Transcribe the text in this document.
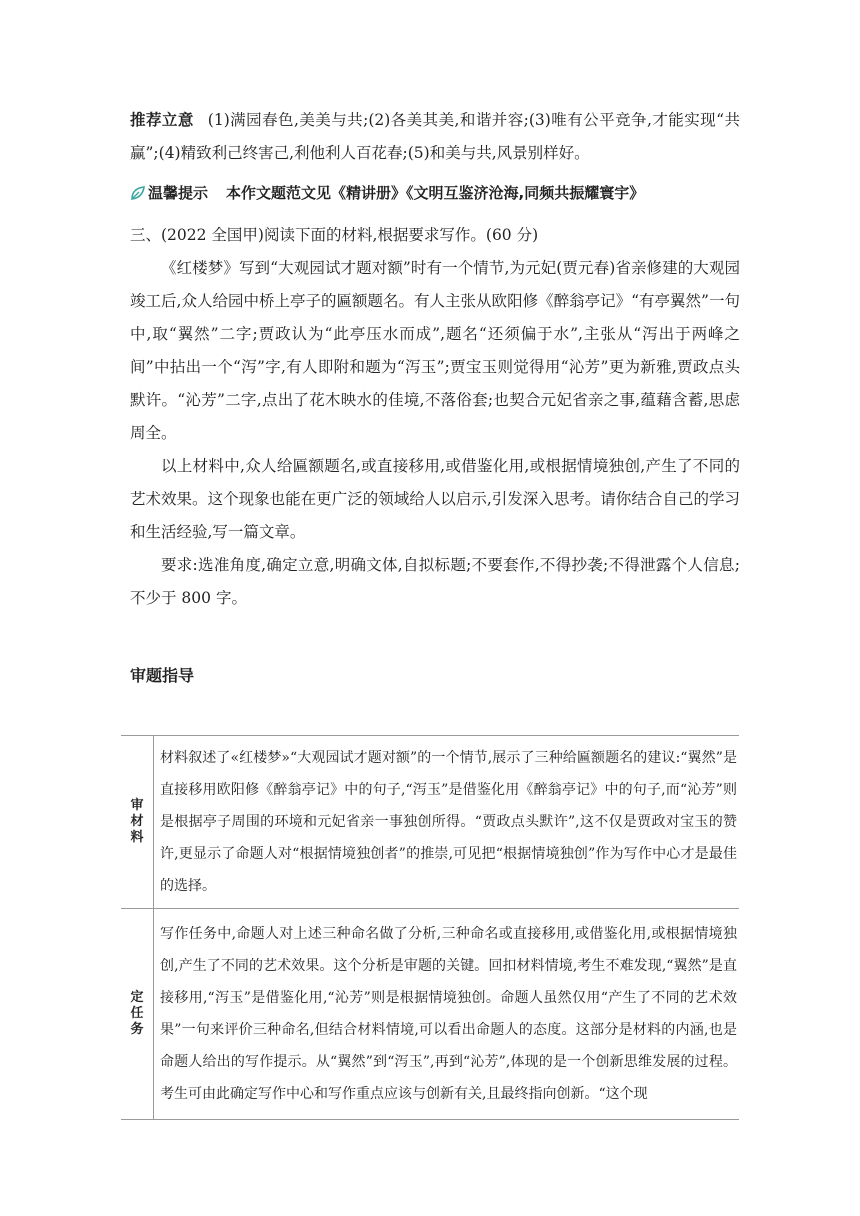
推荐立意 (1)满园春色,美美与共;(2)各美其美,和谐并容;(3)唯有公平竞争,才能实现“共赢”;(4)精致利己终害己,利他利人百花春;(5)和美与共,风景别样好。

温馨提示 本作文题范文见《精讲册》《文明互鉴济沧海,同频共振耀寰宇》

三、(2022 全国甲)阅读下面的材料,根据要求写作。(60 分)

《红楼梦》写到“大观园试才题对额”时有一个情节,为元妃(贾元春)省亲修建的大观园竣工后,众人给园中桥上亭子的匾额题名。有人主张从欧阳修《醉翁亭记》“有亭翼然”一句中,取“翼然”二字;贾政认为“此亭压水而成”,题名“还须偏于水”,主张从“泻出于两峰之间”中拈出一个“泻”字,有人即附和题为“泻玉”;贾宝玉则觉得用“沁芳”更为新雅,贾政点头默许。“沁芳”二字,点出了花木映水的佳境,不落俗套;也契合元妃省亲之事,蕴藉含蓄,思虑周全。

以上材料中,众人给匾额题名,或直接移用,或借鉴化用,或根据情境独创,产生了不同的艺术效果。这个现象也能在更广泛的领域给人以启示,引发深入思考。请你结合自己的学习和生活经验,写一篇文章。

要求:选准角度,确定立意,明确文体,自拟标题;不要套作,不得抄袭;不得泄露个人信息;不少于 800 字。

审题指导
审材料	材料叙述了«红楼梦»“大观园试才题对额”的一个情节,展示了三种给匾额题名的建议:“翼然”是直接移用欧阳修《醉翁亭记》中的句子,“泻玉”是借鉴化用《醉翁亭记》中的句子,而“沁芳”则是根据亭子周围的环境和元妃省亲一事独创所得。“贾政点头默许”,这不仅是贾政对宝玉的赞许,更显示了命题人对“根据情境独创者”的推崇,可见把“根据情境独创”作为写作中心才是最佳的选择。

定任务	写作任务中,命题人对上述三种命名做了分析,三种命名或直接移用,或借鉴化用,或根据情境独创,产生了不同的艺术效果。这个分析是审题的关键。回扣材料情境,考生不难发现,“翼然”是直接移用,“泻玉”是借鉴化用,“沁芳”则是根据情境独创。命题人虽然仅用“产生了不同的艺术效果”一句来评价三种命名,但结合材料情境,可以看出命题人的态度。这部分是材料的内涵,也是命题人给出的写作提示。从“翼然”到“泻玉”,再到“沁芳”,体现的是一个创新思维发展的过程。考生可由此确定写作中心和写作重点应该与创新有关,且最终指向创新。“这个现
